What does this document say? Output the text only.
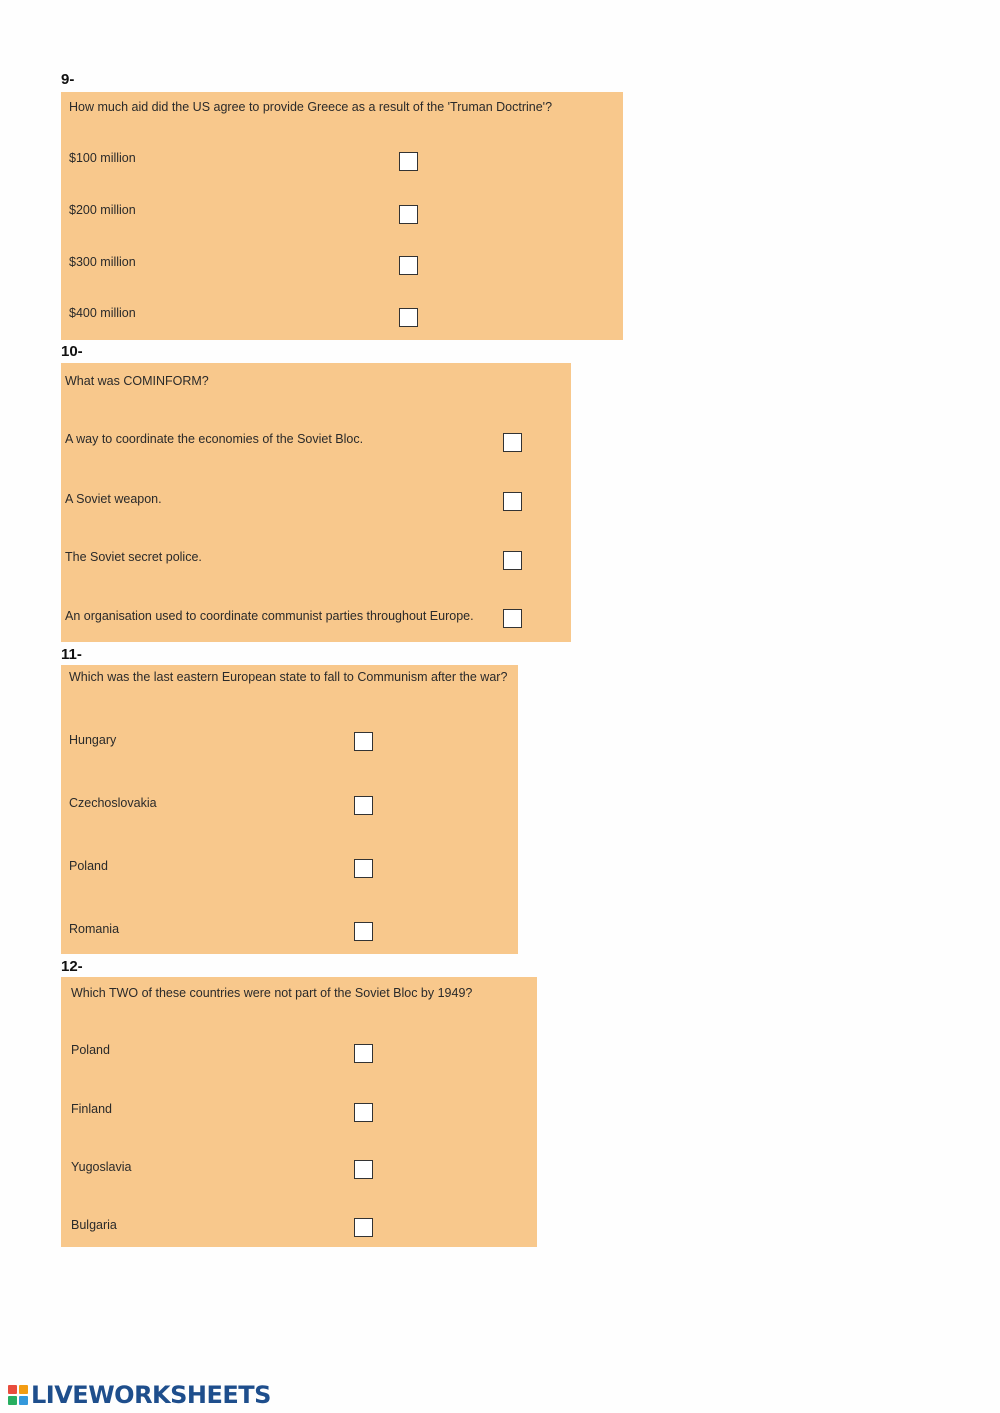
9-
How much aid did the US agree to provide Greece as a result of the 'Truman Doctrine'?
$100 million
$200 million
$300 million
$400 million
10-
What was COMINFORM?
A way to coordinate the economies of the Soviet Bloc.
A Soviet weapon.
The Soviet secret police.
An organisation used to coordinate communist parties throughout Europe.
11-
Which was the last eastern European state to fall to Communism after the war?
Hungary
Czechoslovakia
Poland
Romania
12-
Which TWO of these countries were not part of the Soviet Bloc by 1949?
Poland
Finland
Yugoslavia
Bulgaria
LIVEWORKSHEETS
